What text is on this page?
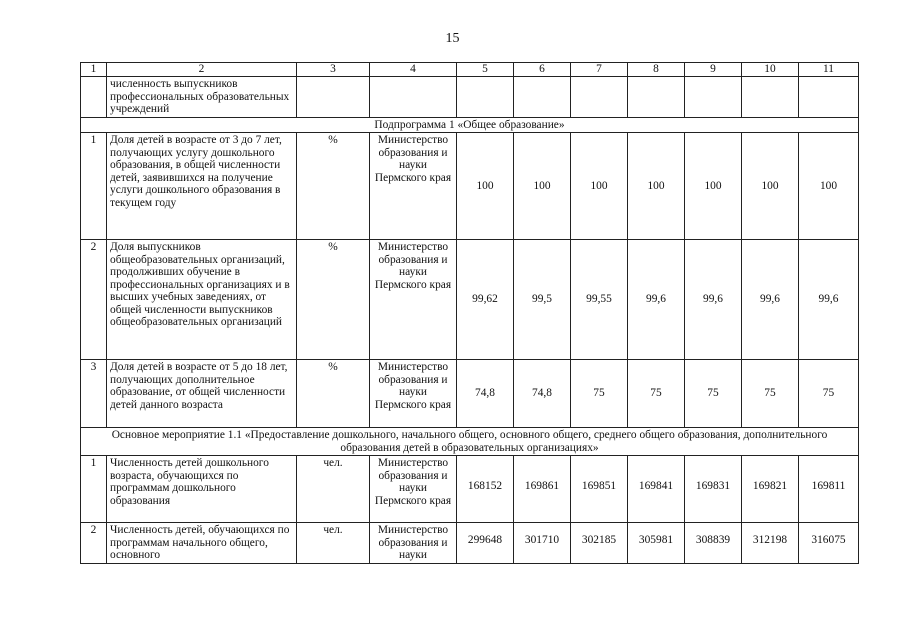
15
1	2	3	4	5	6	7	8	9	10	11
	численность выпускников профессиональных образовательных учреждений									
Подпрограмма 1 «Общее образование»										
1	Доля детей в возрасте от 3 до 7 лет, получающих услугу дошкольного образования, в общей численности детей, заявившихся на получение услуги дошкольного образования в текущем году	%	Министерство образования и науки Пермского края	100	100	100	100	100	100	100
2	Доля выпускников общеобразовательных организаций, продолживших обучение в профессиональных организациях и в высших учебных заведениях, от общей численности выпускников общеобразовательных организаций	%	Министерство образования и науки Пермского края	99,62	99,5	99,55	99,6	99,6	99,6	99,6
3	Доля детей в возрасте от 5 до 18 лет, получающих дополнительное образование, от общей численности детей данного возраста	%	Министерство образования и науки Пермского края	74,8	74,8	75	75	75	75	75
Основное мероприятие 1.1 «Предоставление дошкольного, начального общего, основного общего, среднего общего образования, дополнительного образования детей в образовательных организациях»										
1	Численность детей дошкольного возраста, обучающихся по программам дошкольного образования	чел.	Министерство образования и науки Пермского края	168152	169861	169851	169841	169831	169821	169811
2	Численность детей, обучающихся по программам начального общего, основного	чел.	Министерство образования и науки	299648	301710	302185	305981	308839	312198	316075
